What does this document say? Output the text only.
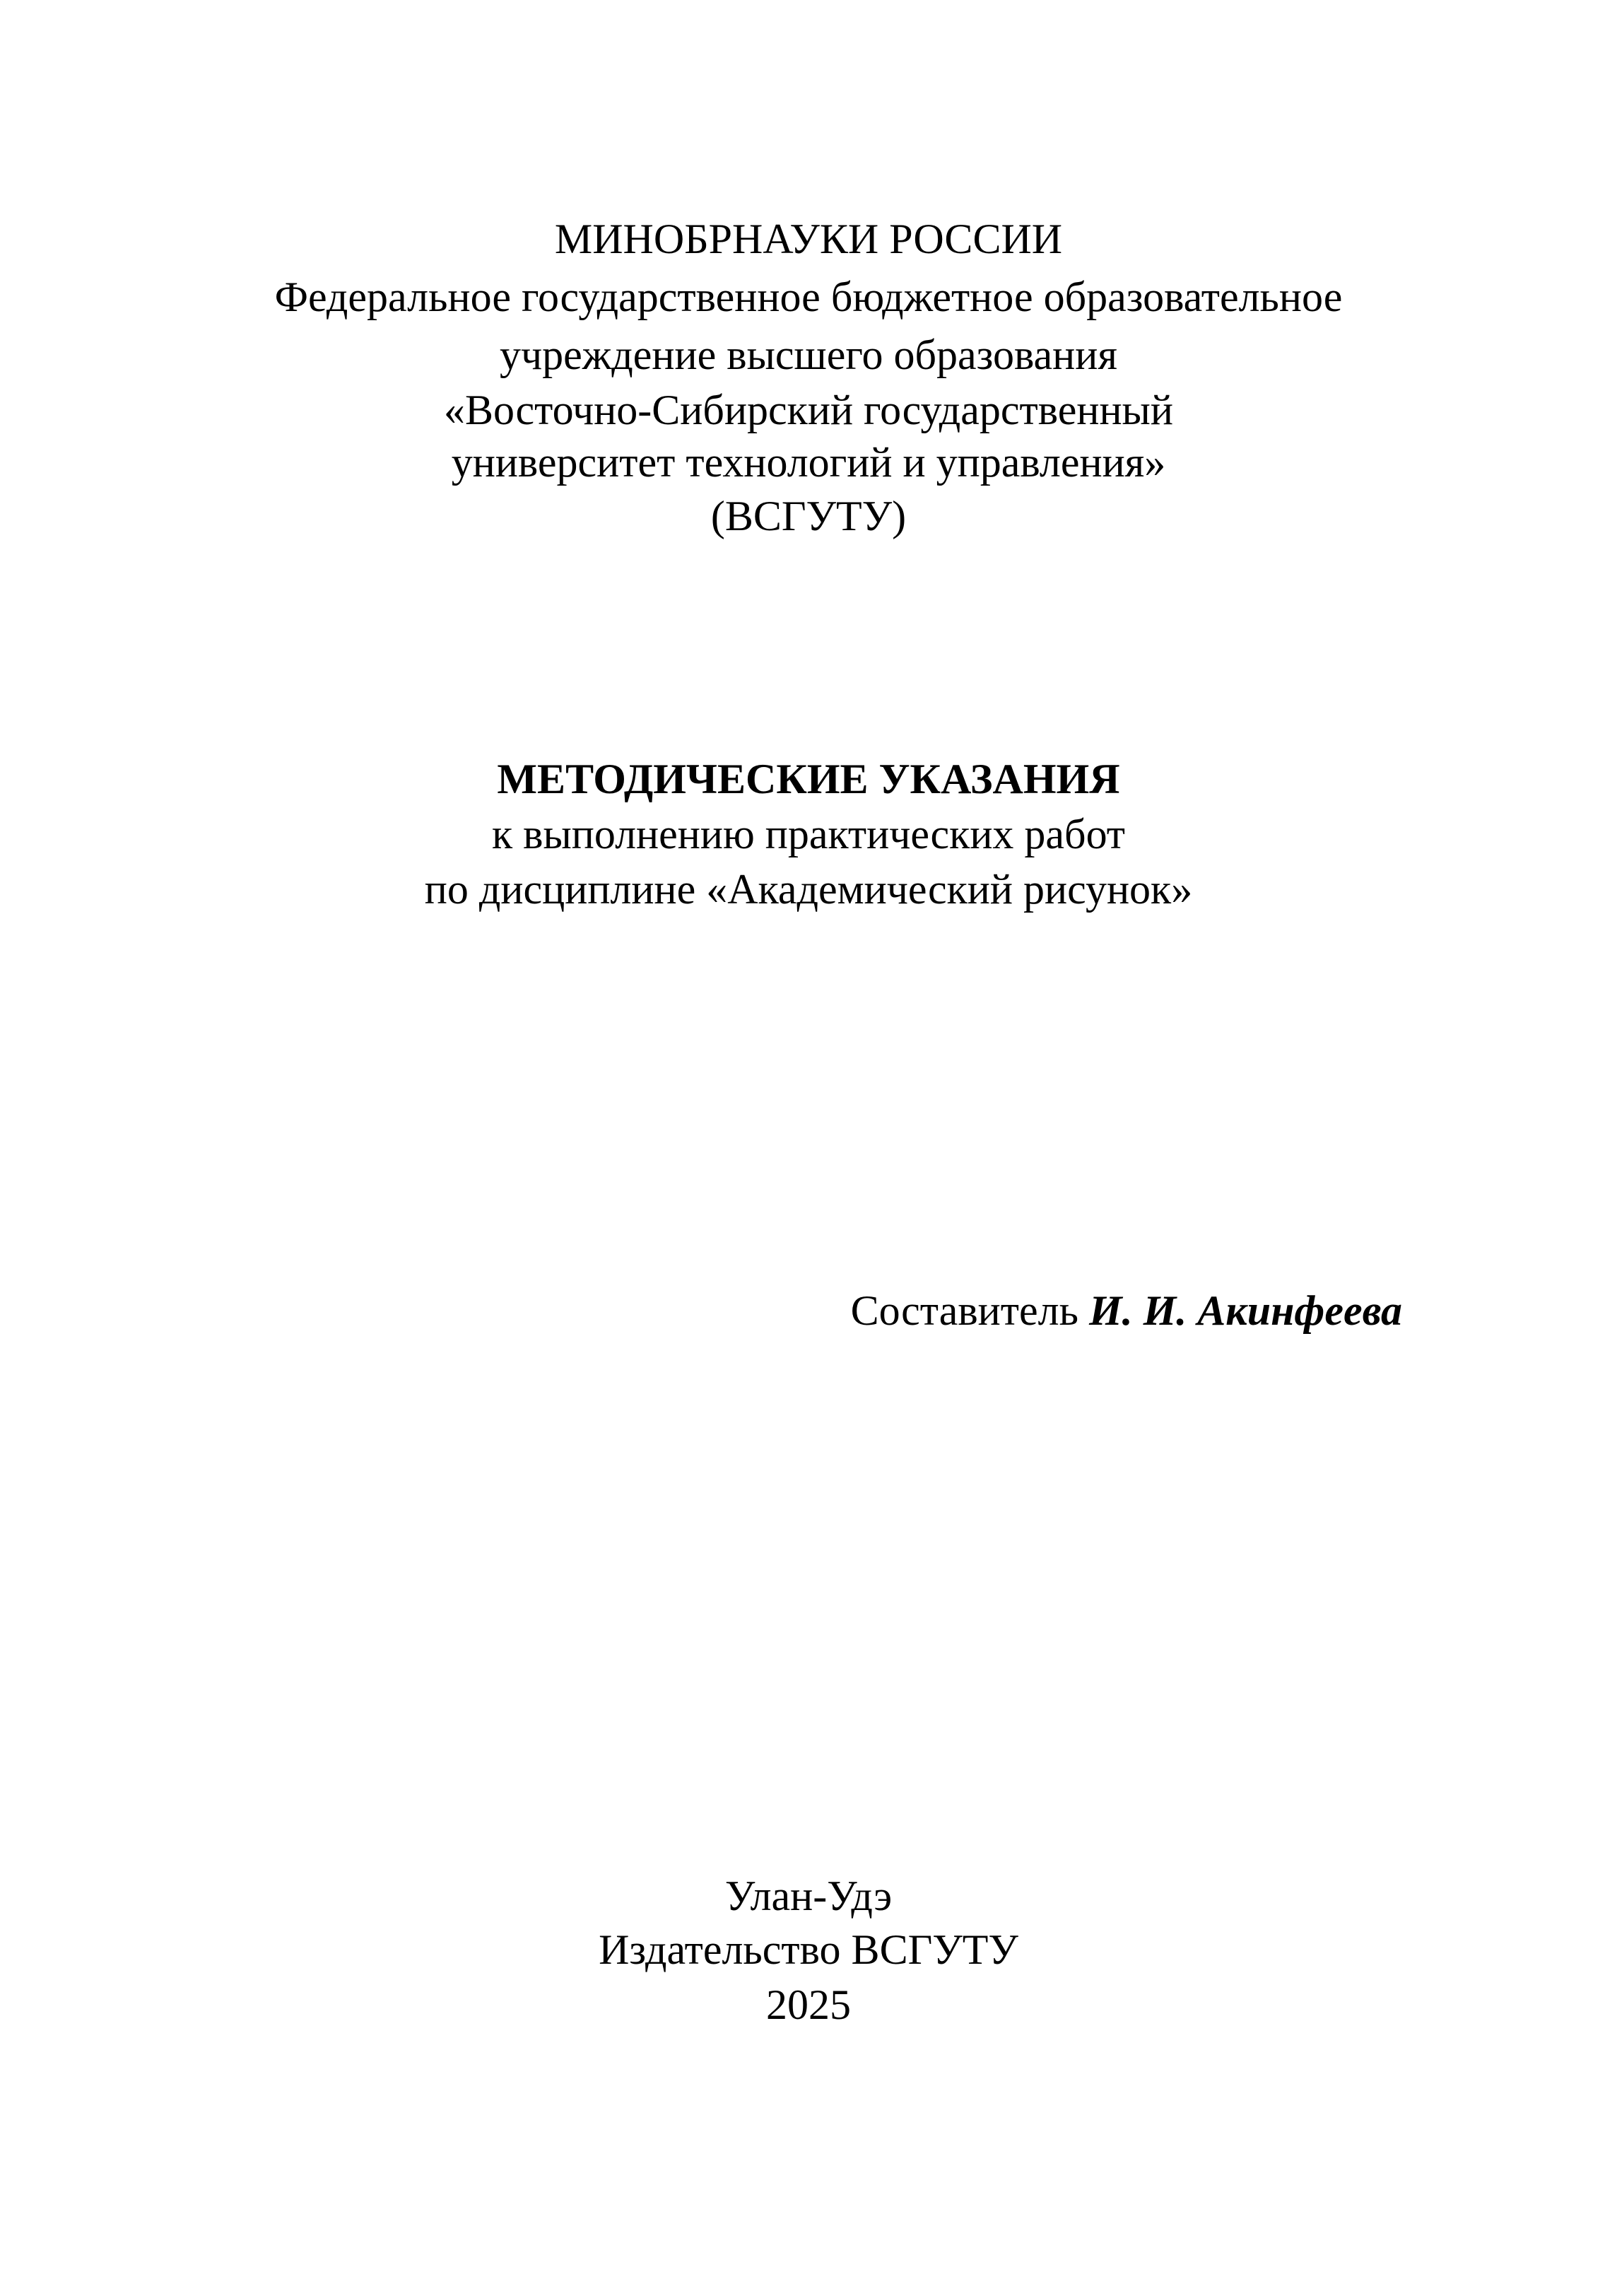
МИНОБРНАУКИ РОССИИ
Федеральное государственное бюджетное образовательное
учреждение высшего образования
«Восточно-Сибирский государственный
университет технологий и управления»
(ВСГУТУ)
МЕТОДИЧЕСКИЕ УКАЗАНИЯ
к выполнению практических работ
по дисциплине «Академический рисунок»
Составитель И. И. Акинфеева
Улан-Удэ
Издательство ВСГУТУ
2025
